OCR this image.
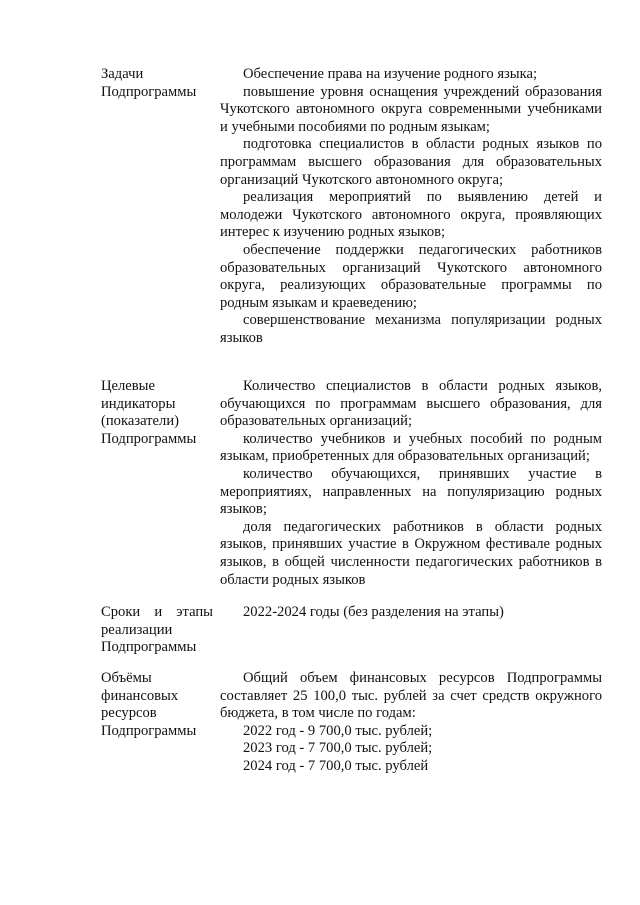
Задачи
Подпрограммы
Обеспечение права на изучение родного языка;
повышение уровня оснащения учреждений образования Чукотского автономного округа современными учебниками и учебными пособиями по родным языкам;
подготовка специалистов в области родных языков по программам высшего образования для образовательных организаций Чукотского автономного округа;
реализация мероприятий по выявлению детей и молодежи Чукотского автономного округа, проявляющих интерес к изучению родных языков;
обеспечение поддержки педагогических работников образовательных организаций Чукотского автономного округа, реализующих образовательные программы по родным языкам и краеведению;
совершенствование механизма популяризации родных языков
Целевые
индикаторы
(показатели)
Подпрограммы
Количество специалистов в области родных языков, обучающихся по программам высшего образования, для образовательных организаций;
количество учебников и учебных пособий по родным языкам, приобретенных для образовательных организаций;
количество обучающихся, принявших участие в мероприятиях, направленных на популяризацию родных языков;
доля педагогических работников в области родных языков, принявших участие в Окружном фестивале родных языков, в общей численности педагогических работников в области родных языков
Сроки и этапы
реализации
Подпрограммы
2022-2024 годы (без разделения на этапы)
Объёмы
финансовых
ресурсов
Подпрограммы
Общий объем финансовых ресурсов Подпрограммы составляет 25 100,0 тыс. рублей за счет средств окружного бюджета, в том числе по годам:
2022 год - 9 700,0 тыс. рублей;
2023 год - 7 700,0 тыс. рублей;
2024 год - 7 700,0 тыс. рублей
